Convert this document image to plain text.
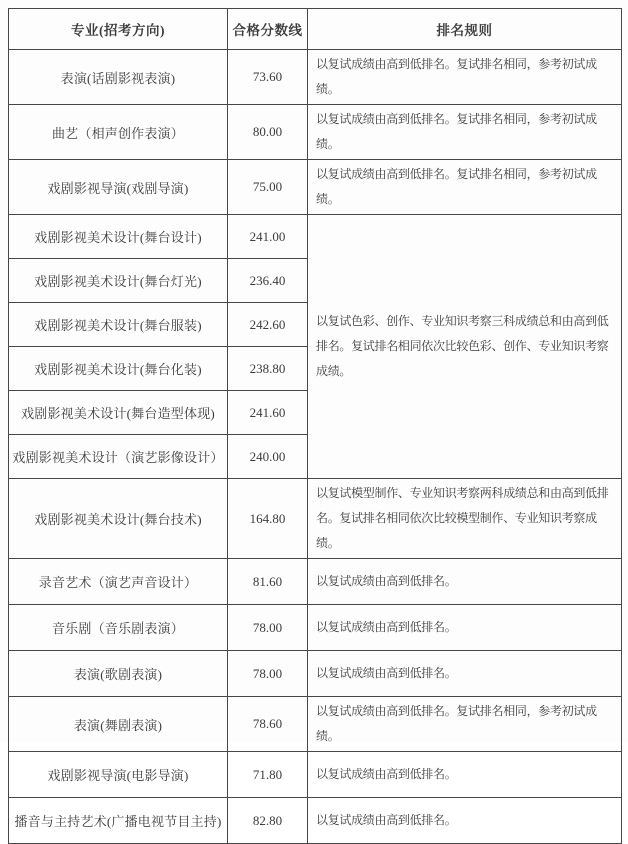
专业(招考方向)	合格分数线	排名规则
表演(话剧影视表演)	73.60	以复试成绩由高到低排名。复试排名相同，参考初试成绩。
曲艺（相声创作表演）	80.00	以复试成绩由高到低排名。复试排名相同，参考初试成绩。
戏剧影视导演(戏剧导演)	75.00	以复试成绩由高到低排名。复试排名相同，参考初试成绩。
戏剧影视美术设计(舞台设计)	241.00	以复试色彩、创作、专业知识考察三科成绩总和由高到低排名。复试排名相同依次比较色彩、创作、专业知识考察成绩。
戏剧影视美术设计(舞台灯光)	236.40	
戏剧影视美术设计(舞台服装)	242.60	
戏剧影视美术设计(舞台化装)	238.80	
戏剧影视美术设计(舞台造型体现)	241.60	
戏剧影视美术设计（演艺影像设计）	240.00	
戏剧影视美术设计(舞台技术)	164.80	以复试模型制作、专业知识考察两科成绩总和由高到低排名。复试排名相同依次比较模型制作、专业知识考察成绩。
录音艺术（演艺声音设计）	81.60	以复试成绩由高到低排名。
音乐剧（音乐剧表演）	78.00	以复试成绩由高到低排名。
表演(歌剧表演)	78.00	以复试成绩由高到低排名。
表演(舞剧表演)	78.60	以复试成绩由高到低排名。复试排名相同，参考初试成绩。
戏剧影视导演(电影导演)	71.80	以复试成绩由高到低排名。
播音与主持艺术(广播电视节目主持)	82.80	以复试成绩由高到低排名。
